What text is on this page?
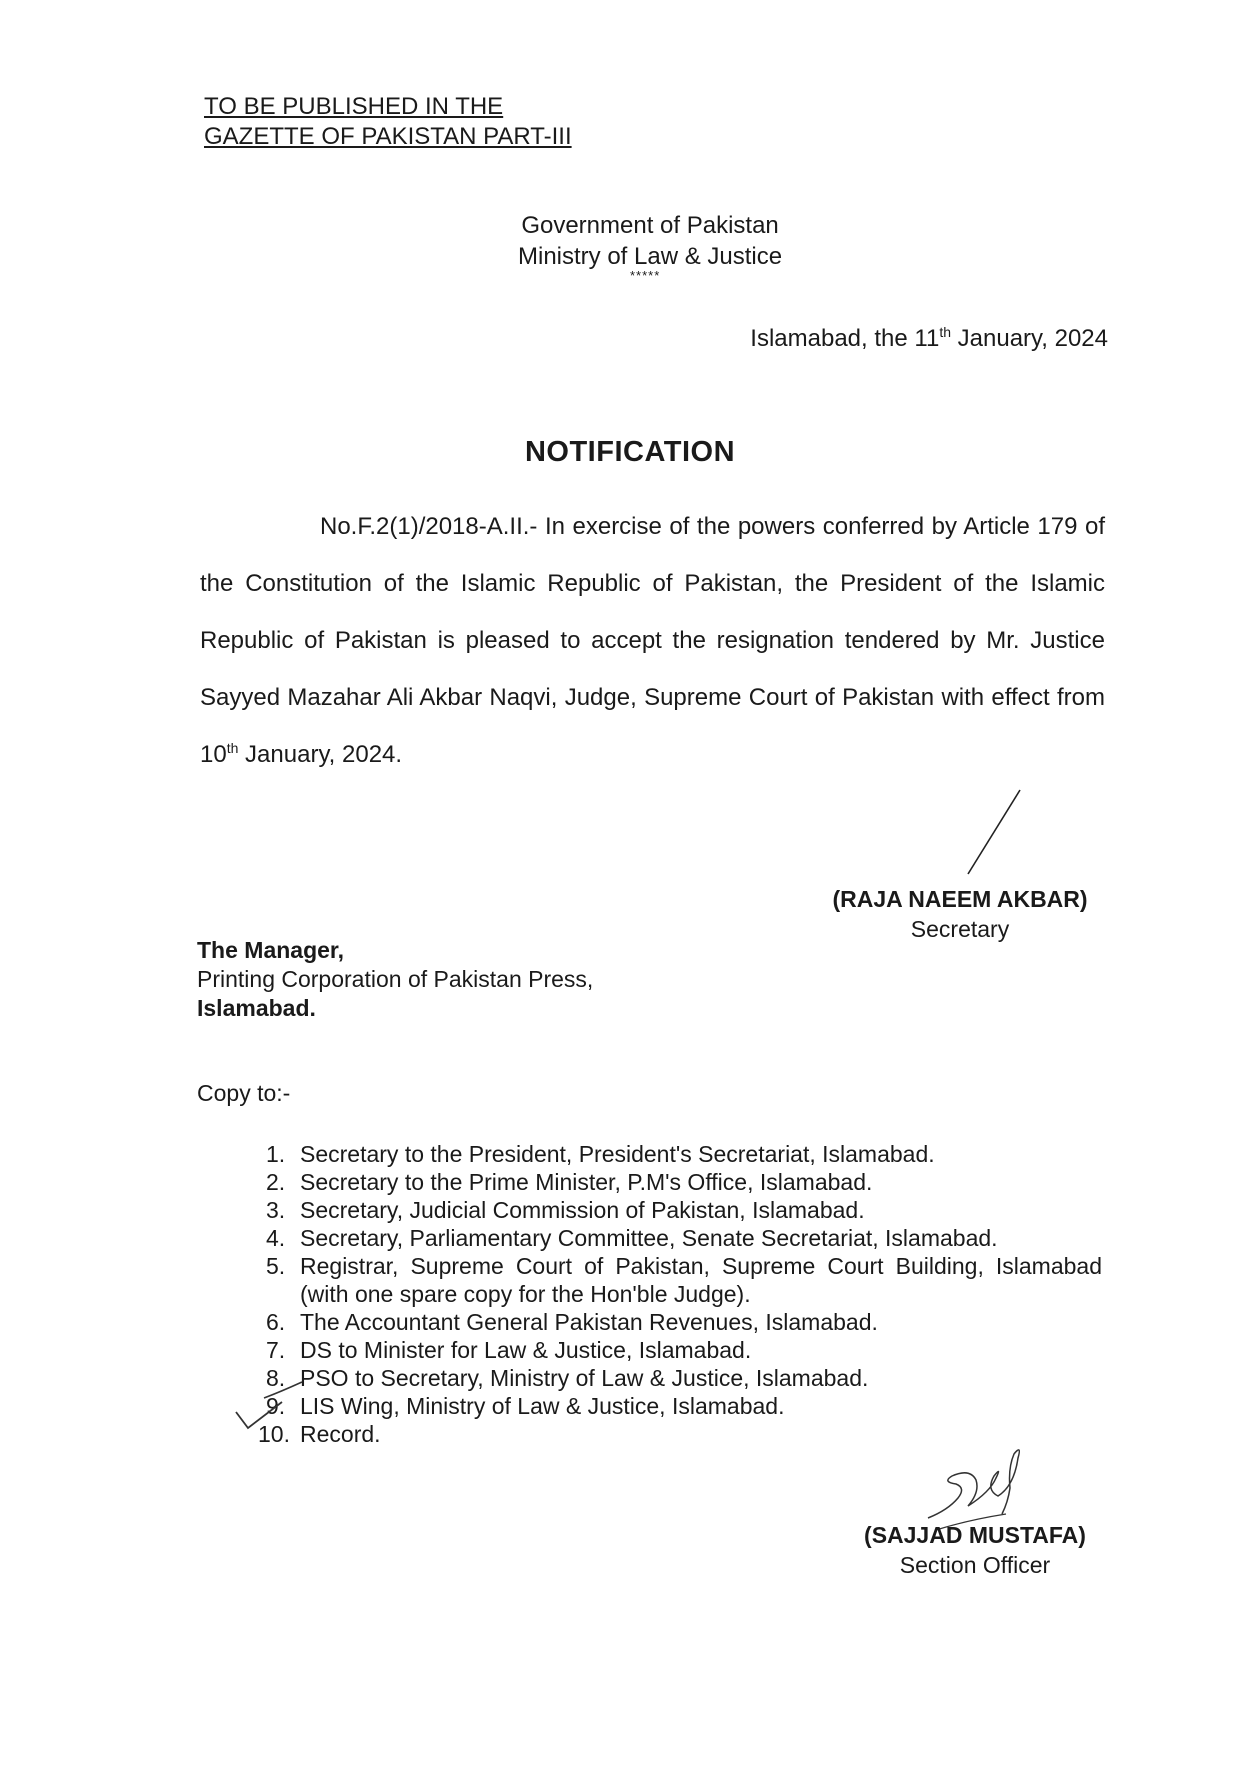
TO BE PUBLISHED IN THE
GAZETTE OF PAKISTAN PART-III
Government of Pakistan
Ministry of Law & Justice
*****
Islamabad, the 11th January, 2024
NOTIFICATION
No.F.2(1)/2018-A.II.- In exercise of the powers conferred by Article 179 of the Constitution of the Islamic Republic of Pakistan, the President of the Islamic Republic of Pakistan is pleased to accept the resignation tendered by Mr. Justice Sayyed Mazahar Ali Akbar Naqvi, Judge, Supreme Court of Pakistan with effect from 10th January, 2024.
(RAJA NAEEM AKBAR)
Secretary
The Manager,
Printing Corporation of Pakistan Press,
Islamabad.
Copy to:-
1. Secretary to the President, President's Secretariat, Islamabad.
2. Secretary to the Prime Minister, P.M's Office, Islamabad.
3. Secretary, Judicial Commission of Pakistan, Islamabad.
4. Secretary, Parliamentary Committee, Senate Secretariat, Islamabad.
5. Registrar, Supreme Court of Pakistan, Supreme Court Building, Islamabad (with one spare copy for the Hon'ble Judge).
6. The Accountant General Pakistan Revenues, Islamabad.
7. DS to Minister for Law & Justice, Islamabad.
8. PSO to Secretary, Ministry of Law & Justice, Islamabad.
9. LIS Wing, Ministry of Law & Justice, Islamabad.
10. Record.
(SAJJAD MUSTAFA)
Section Officer
